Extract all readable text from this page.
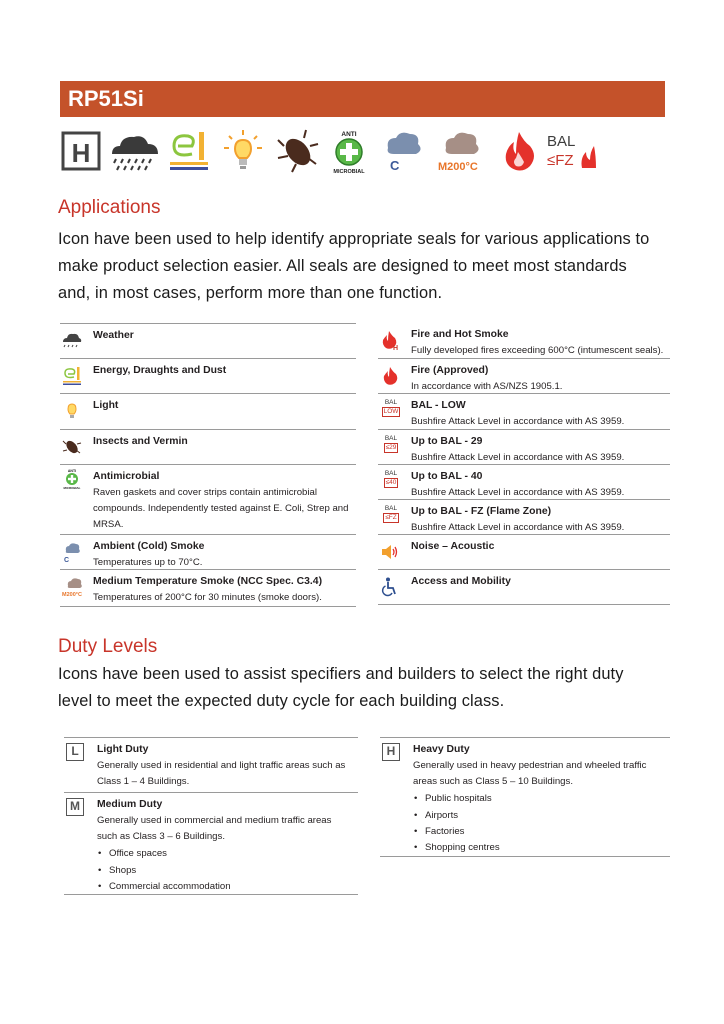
RP51Si
H
ANTI
MICROBIAL C	M200°C
BAL
≤FZ
Applications

Icon have been used to help identify appropriate seals for various applications to make product selection easier. All seals are designed to meet most standards and, in most cases, perform more than one function.

Weather
Energy, Draughts and Dust
Light
Insects and Vermin
ANTI
MICROBIAL
Antimicrobial
Raven gaskets and cover strips contain antimicrobial compounds. Independently tested against E. Coli, Strep and MRSA.
C
Ambient (Cold) Smoke
Temperatures up to 70°C.
M200°C
Medium Temperature Smoke (NCC Spec. C3.4)
Temperatures of 200°C for 30 minutes (smoke doors).
H
Fire and Hot Smoke
Fully developed fires exceeding 600°C (intumescent seals).
Fire (Approved)
In accordance with AS/NZS 1905.1.
BAL
LOW
BAL - LOW
Bushfire Attack Level in accordance with AS 3959.
BAL
≤29
Up to BAL - 29
Bushfire Attack Level in accordance with AS 3959.
BAL
≤40
Up to BAL - 40
Bushfire Attack Level in accordance with AS 3959.
BAL
≤FZ
Up to BAL - FZ (Flame Zone)
Bushfire Attack Level in accordance with AS 3959.
Noise – Acoustic
Access and Mobility
Duty Levels

Icons have been used to assist specifiers and builders to select the right duty level to meet the expected duty cycle for each building class.

L	Light Duty
Generally used in residential and light traffic areas such as Class 1 – 4 Buildings.
M	Medium Duty
Generally used in commercial and medium traffic areas such as Class 3 – 6 Buildings.
• Office spaces
• Shops
• Commercial accommodation
H	Heavy Duty
Generally used in heavy pedestrian and wheeled traffic areas such as Class 5 – 10 Buildings.
• Public hospitals
• Airports
• Factories
• Shopping centres
